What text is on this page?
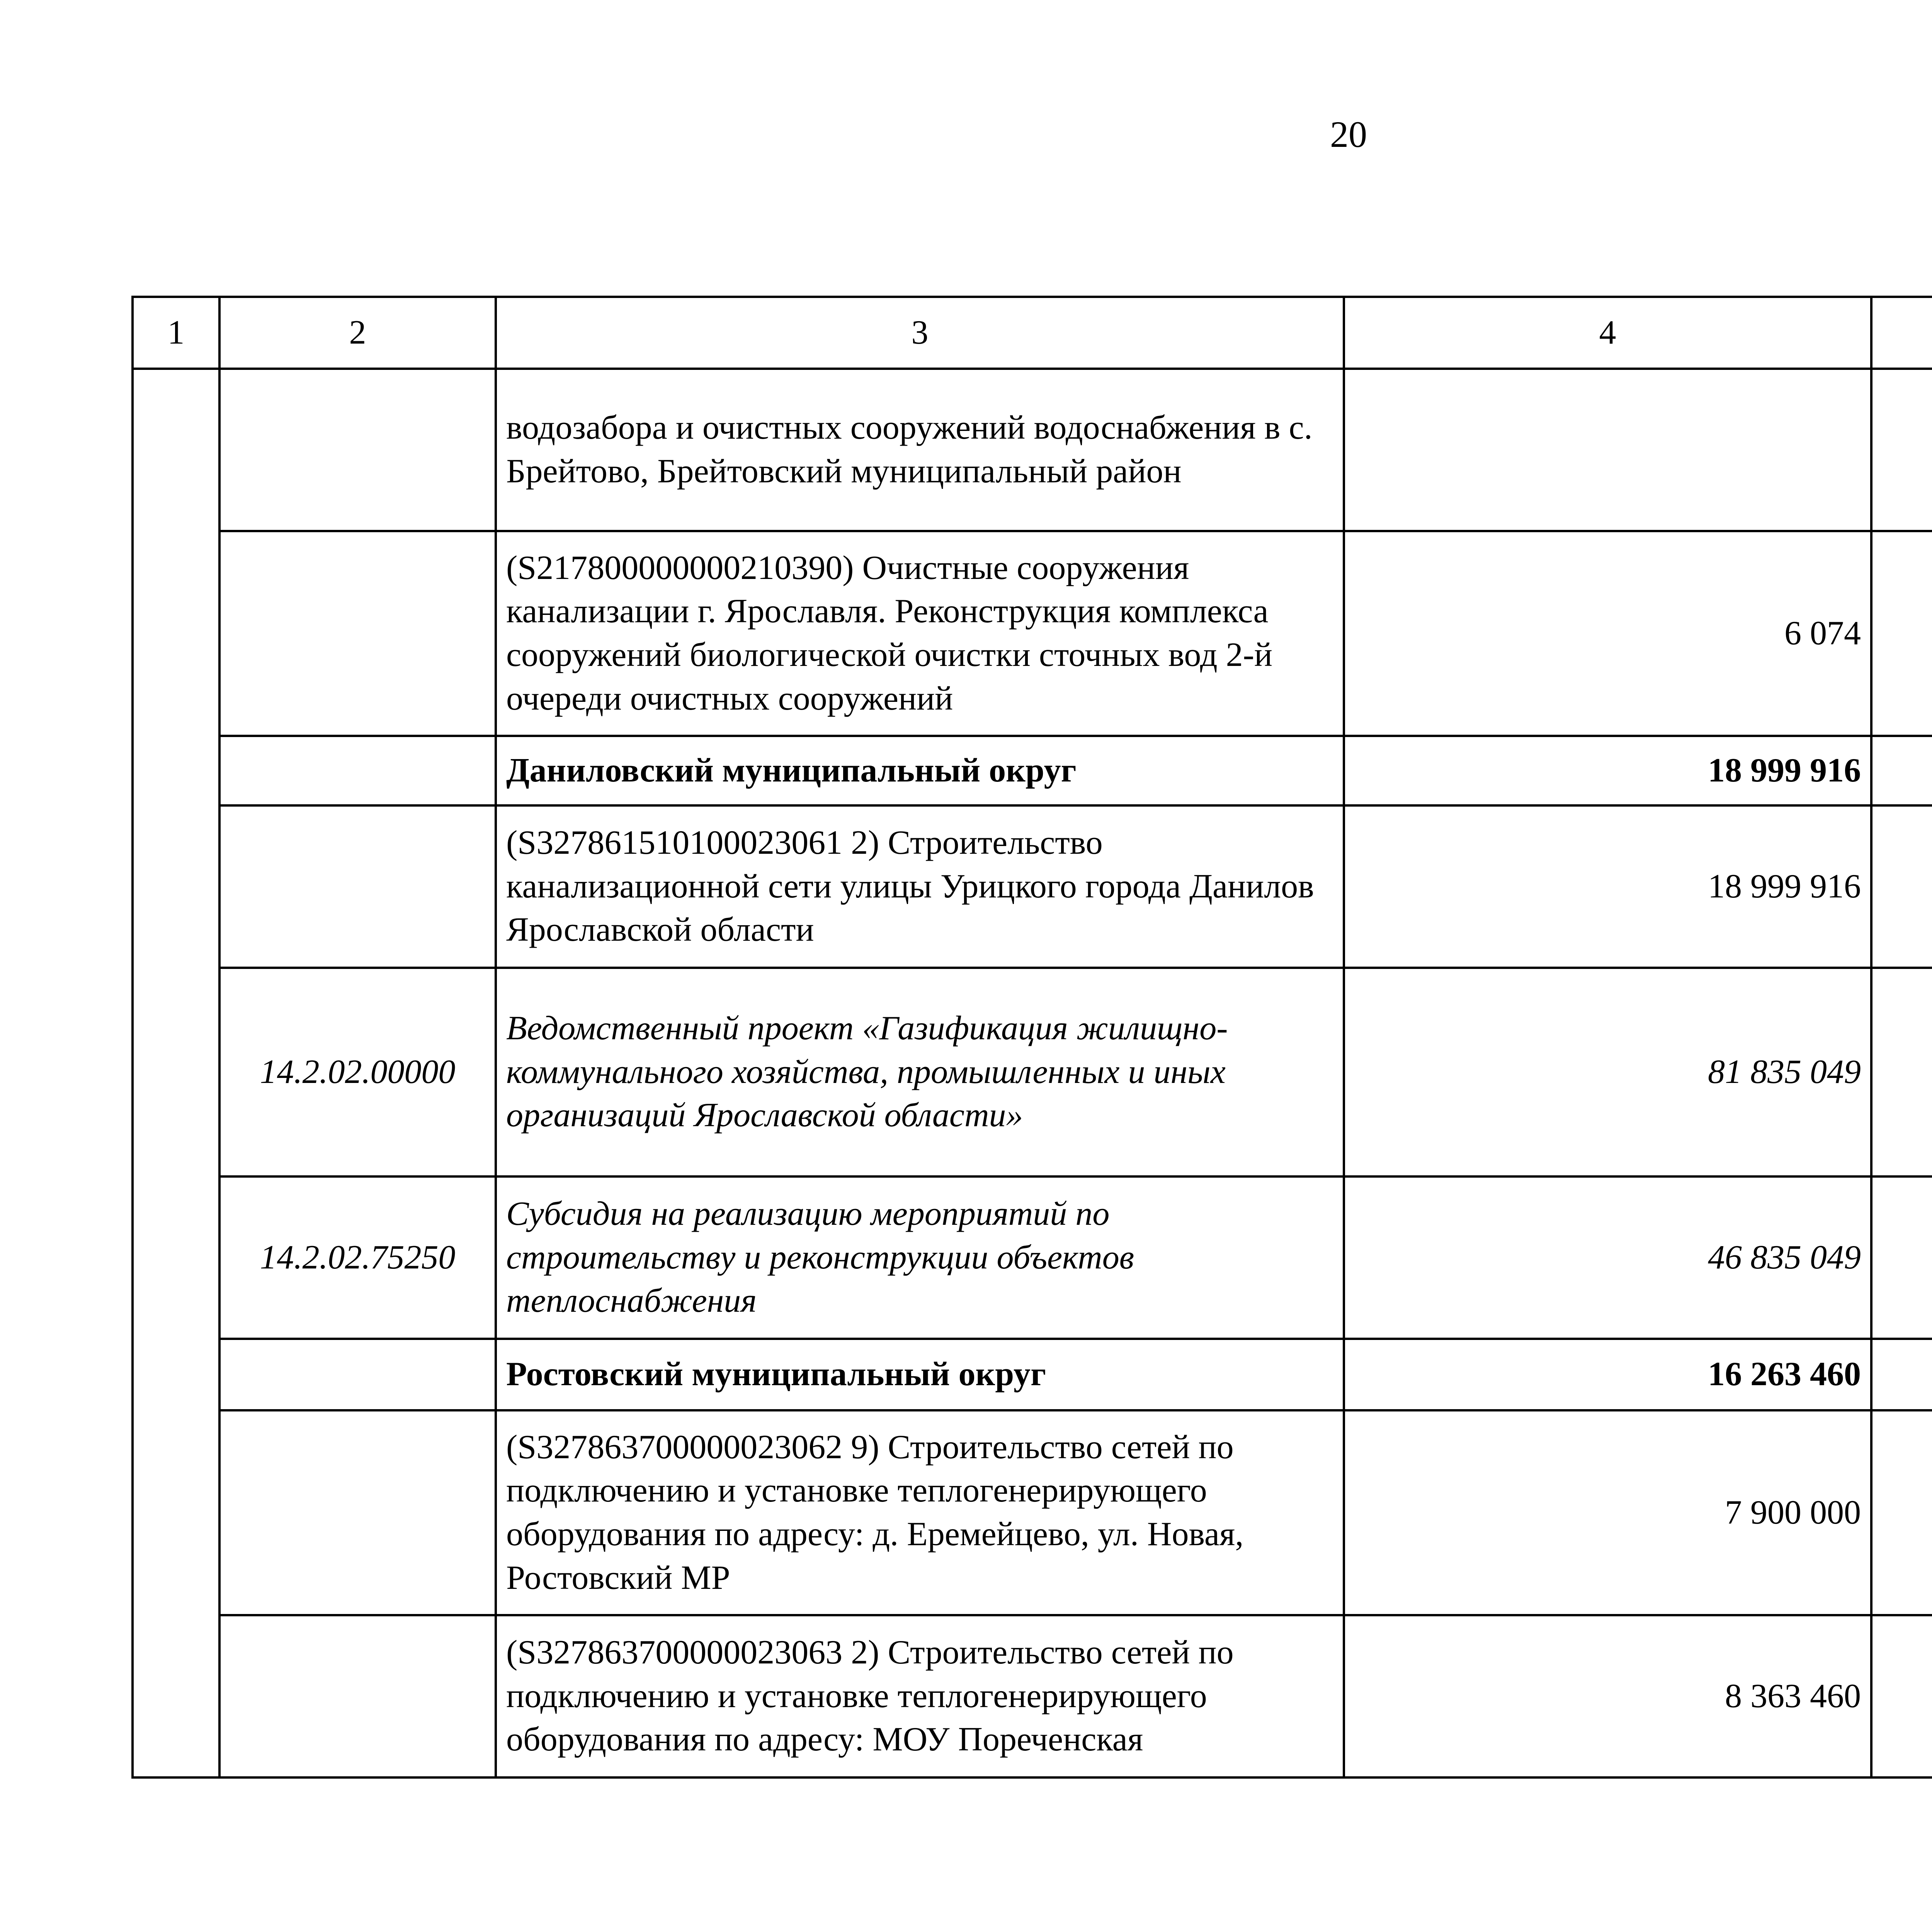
20
1	2	3	4			
		водозабора и очистных сооружений водоснабжения в с. Брейтово, Брейтовский муниципальный район				
		(S217800000000210390) Очистные сооружения канализации г. Ярославля. Реконструкция комплекса сооружений биологической очистки сточных вод 2-й очереди очистных сооружений	6 074			
		Даниловский муниципальный округ	18 999 916			
		(S327861510100023061 2) Строительство канализационной сети улицы Урицкого города Данилов Ярославской области	18 999 916			
	14.2.02.00000	Ведомственный проект «Газификация жилищно-коммунального хозяйства, промышленных и иных организаций Ярославской области»	81 835 049			
	14.2.02.75250	Субсидия на реализацию мероприятий по строительству и реконструкции объектов теплоснабжения	46 835 049			
		Ростовский муниципальный округ	16 263 460			
		(S327863700000023062 9) Строительство сетей по подключению и установке теплогенерирующего оборудования по адресу: д. Еремейцево, ул. Новая, Ростовский МР	7 900 000			
		(S327863700000023063 2) Строительство сетей по подключению и установке теплогенерирующего оборудования по адресу: МОУ Пореченская	8 363 460			
